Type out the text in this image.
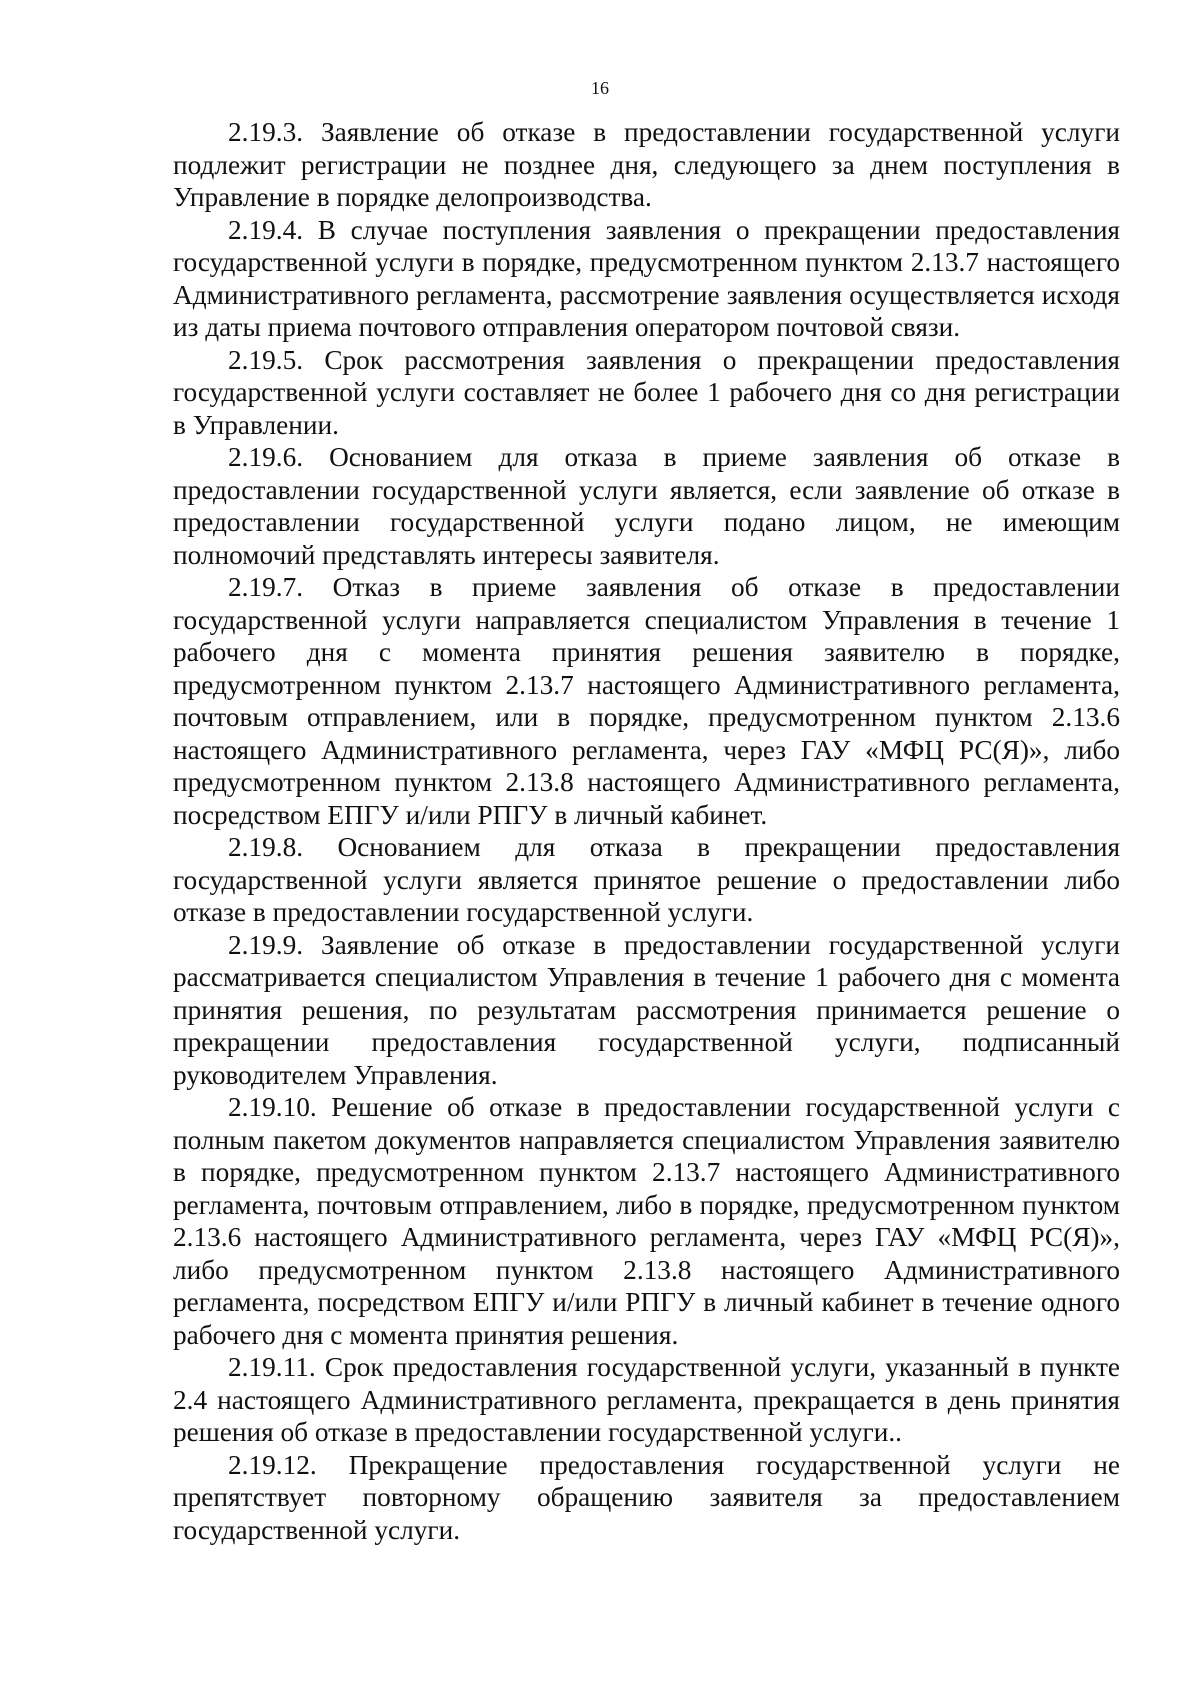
16

2.19.3. Заявление об отказе в предоставлении государственной услуги подлежит регистрации не позднее дня, следующего за днем поступления в Управление в порядке делопроизводства.

2.19.4. В случае поступления заявления о прекращении предоставления государственной услуги в порядке, предусмотренном пунктом 2.13.7 настоящего Административного регламента, рассмотрение заявления осуществляется исходя из даты приема почтового отправления оператором почтовой связи.

2.19.5. Срок рассмотрения заявления о прекращении предоставления государственной услуги составляет не более 1 рабочего дня со дня регистрации в Управлении.

2.19.6. Основанием для отказа в приеме заявления об отказе в предоставлении государственной услуги является, если заявление об отказе в предоставлении государственной услуги подано лицом, не имеющим полномочий представлять интересы заявителя.

2.19.7. Отказ в приеме заявления об отказе в предоставлении государственной услуги направляется специалистом Управления в течение 1 рабочего дня с момента принятия решения заявителю в порядке, предусмотренном пунктом 2.13.7 настоящего Административного регламента, почтовым отправлением, или в порядке, предусмотренном пунктом 2.13.6 настоящего Административного регламента, через ГАУ «МФЦ РС(Я)», либо предусмотренном пунктом 2.13.8 настоящего Административного регламента, посредством ЕПГУ и/или РПГУ в личный кабинет.

2.19.8. Основанием для отказа в прекращении предоставления государственной услуги является принятое решение о предоставлении либо отказе в предоставлении государственной услуги.

2.19.9. Заявление об отказе в предоставлении государственной услуги рассматривается специалистом Управления в течение 1 рабочего дня с момента принятия решения, по результатам рассмотрения принимается решение о прекращении предоставления государственной услуги, подписанный руководителем Управления.

2.19.10. Решение об отказе в предоставлении государственной услуги с полным пакетом документов направляется специалистом Управления заявителю в порядке, предусмотренном пунктом 2.13.7 настоящего Административного регламента, почтовым отправлением, либо в порядке, предусмотренном пунктом 2.13.6 настоящего Административного регламента, через ГАУ «МФЦ РС(Я)», либо предусмотренном пунктом 2.13.8 настоящего Административного регламента, посредством ЕПГУ и/или РПГУ в личный кабинет в течение одного рабочего дня с момента принятия решения.

2.19.11. Срок предоставления государственной услуги, указанный в пункте 2.4 настоящего Административного регламента, прекращается в день принятия решения об отказе в предоставлении государственной услуги..

2.19.12. Прекращение предоставления государственной услуги не препятствует повторному обращению заявителя за предоставлением государственной услуги.
